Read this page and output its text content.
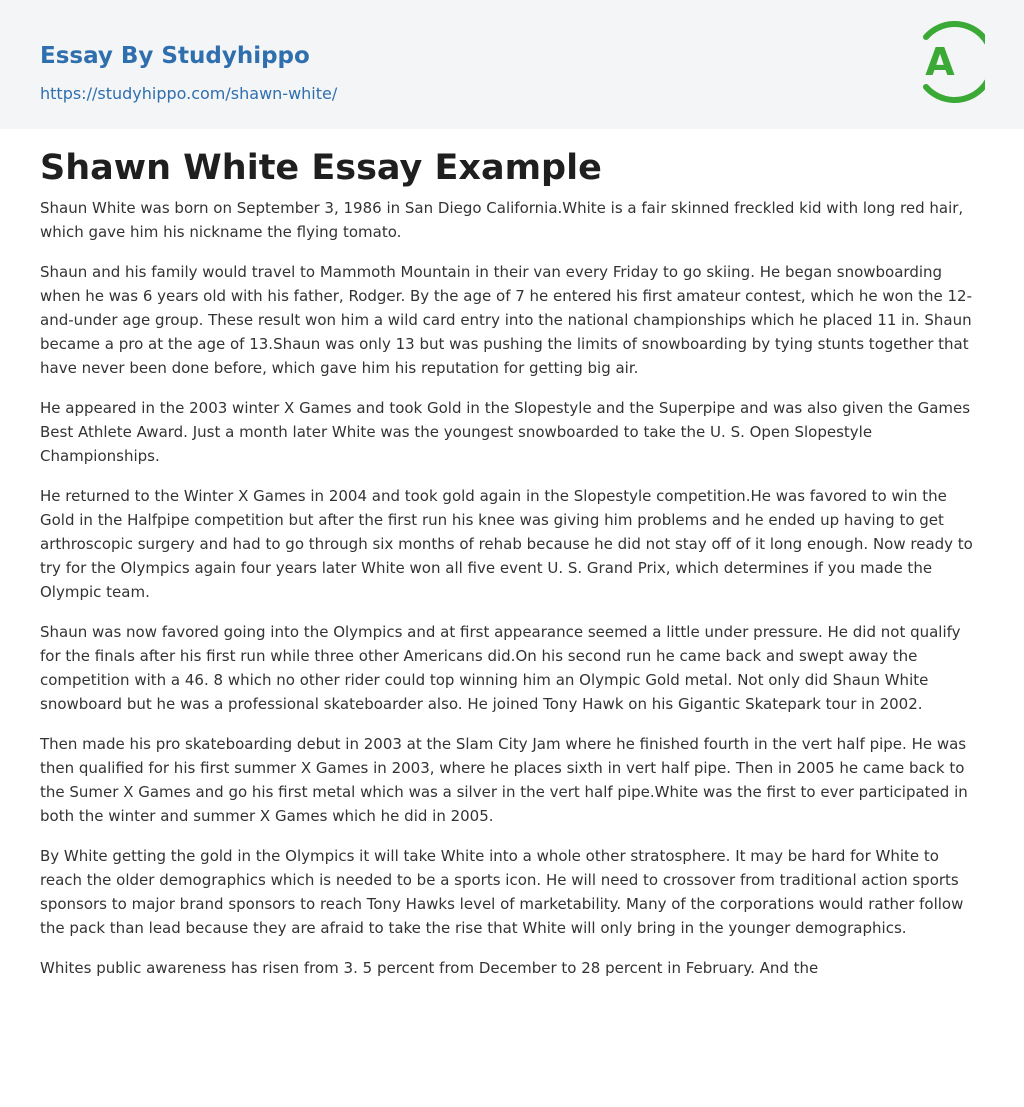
Essay By Studyhippo
https://studyhippo.com/shawn-white/
A
Shawn White Essay Example

Shaun White was born on September 3, 1986 in San Diego California.White is a fair skinned freckled kid with long red hair, which gave him his nickname the flying tomato.

Shaun and his family would travel to Mammoth Mountain in their van every Friday to go skiing. He began snowboarding when he was 6 years old with his father, Rodger. By the age of 7 he entered his first amateur contest, which he won the 12-and-under age group. These result won him a wild card entry into the national championships which he placed 11 in. Shaun became a pro at the age of 13.Shaun was only 13 but was pushing the limits of snowboarding by tying stunts together that have never been done before, which gave him his reputation for getting big air.

He appeared in the 2003 winter X Games and took Gold in the Slopestyle and the Superpipe and was also given the Games Best Athlete Award. Just a month later White was the youngest snowboarded to take the U. S. Open Slopestyle Championships.

He returned to the Winter X Games in 2004 and took gold again in the Slopestyle competition.He was favored to win the Gold in the Halfpipe competition but after the first run his knee was giving him problems and he ended up having to get arthroscopic surgery and had to go through six months of rehab because he did not stay off of it long enough. Now ready to try for the Olympics again four years later White won all five event U. S. Grand Prix, which determines if you made the Olympic team.

Shaun was now favored going into the Olympics and at first appearance seemed a little under pressure. He did not qualify for the finals after his first run while three other Americans did.On his second run he came back and swept away the competition with a 46. 8 which no other rider could top winning him an Olympic Gold metal. Not only did Shaun White snowboard but he was a professional skateboarder also. He joined Tony Hawk on his Gigantic Skatepark tour in 2002.

Then made his pro skateboarding debut in 2003 at the Slam City Jam where he finished fourth in the vert half pipe. He was then qualified for his first summer X Games in 2003, where he places sixth in vert half pipe. Then in 2005 he came back to the Sumer X Games and go his first metal which was a silver in the vert half pipe.White was the first to ever participated in both the winter and summer X Games which he did in 2005.

By White getting the gold in the Olympics it will take White into a whole other stratosphere. It may be hard for White to reach the older demographics which is needed to be a sports icon. He will need to crossover from traditional action sports sponsors to major brand sponsors to reach Tony Hawks level of marketability. Many of the corporations would rather follow the pack than lead because they are afraid to take the rise that White will only bring in the younger demographics.

Whites public awareness has risen from 3. 5 percent from December to 28 percent in February. And the
